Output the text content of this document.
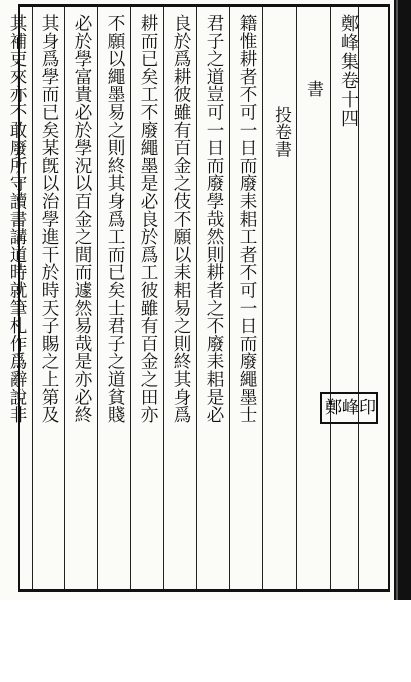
鄭峰集卷十四
書
投卷書
籍惟耕者不可一日而廢耒耜工者不可一日而廢繩墨士
君子之道豈可一日而廢學哉然則耕者之不廢耒耜是必
良於爲耕彼雖有百金之伎不願以耒耜易之則終其身爲
耕而已矣工不廢繩墨是必良於爲工彼雖有百金之田亦
不願以繩墨易之則終其身爲工而已矣士君子之道貧賤
必於學富貴必於學況以百金之間而遽然易哉是亦必終
其身爲學而已矣某旣以治學進干於時天子賜之上第及
其補吏來亦不敢廢所守讀書講道時就筆札作爲辭說非	鄭 峰 印
